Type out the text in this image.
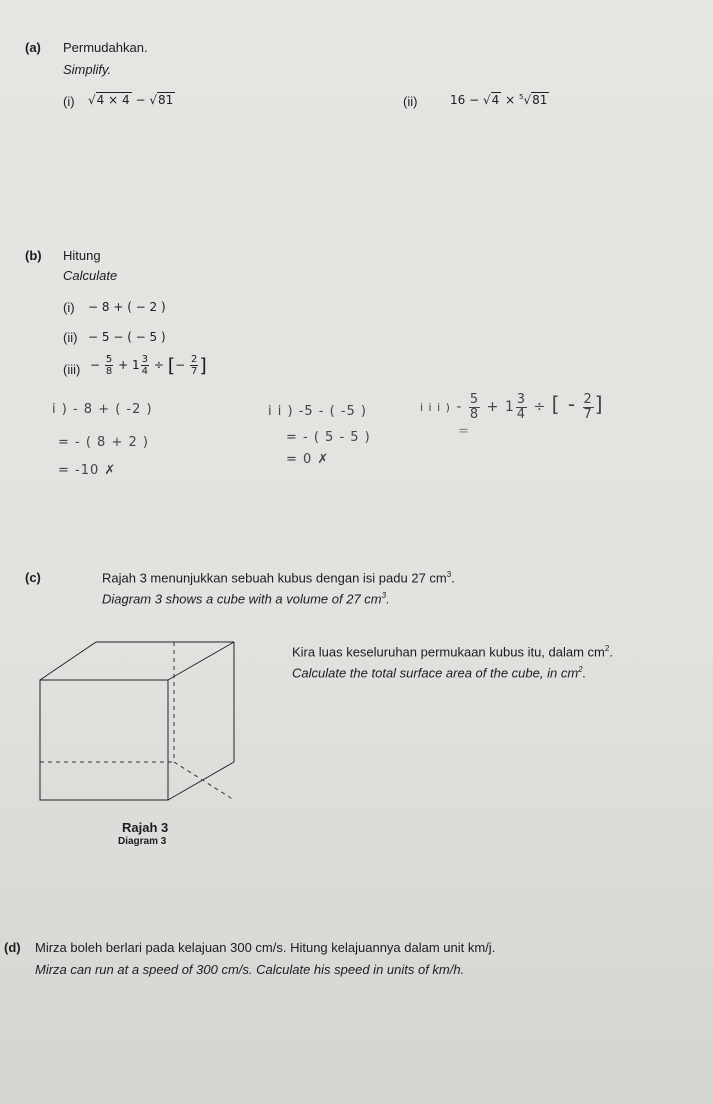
(a) Permudahkan.
Simplify.
(i) √4 × 4 − √81	(ii)	16 − √4 × $^5$√81
(b) Hitung
Calculate
(i) − 8 + ( − 2 )
(ii) − 5 − ( − 5 )
$(iii) - \frac{5}{8} + 1 \frac{3}{4}$ ÷ [− $\frac{2}{7}$ ]
i ) - 8 + ( -2 )
= - ( 8 + 2 )
= -10 ✗
i i ) -5 - ( -5 )
= - ( 5 - 5 )
= 0 ✗
i i i ) - $\frac{5}{8} + 1 \frac{3}{4}$ ÷ [ - $\frac{2}{7}$ ]
=
(c)	Rajah 3 menunjukkan sebuah kubus dengan isi padu 27 $cm^3$.
Diagram 3 shows a cube with a volume of 27 $cm^3$.
Kira luas keseluruhan permukaan kubus itu, dalam $cm^2$.
Calculate the total surface area of the cube, in $cm^2$.
Rajah 3
Diagram 3
(d) Mirza boleh berlari pada kelajuan 300 cm/s. Hitung kelajuannya dalam unit km/j.
Mirza can run at a speed of 300 cm/s. Calculate his speed in units of km/h.
